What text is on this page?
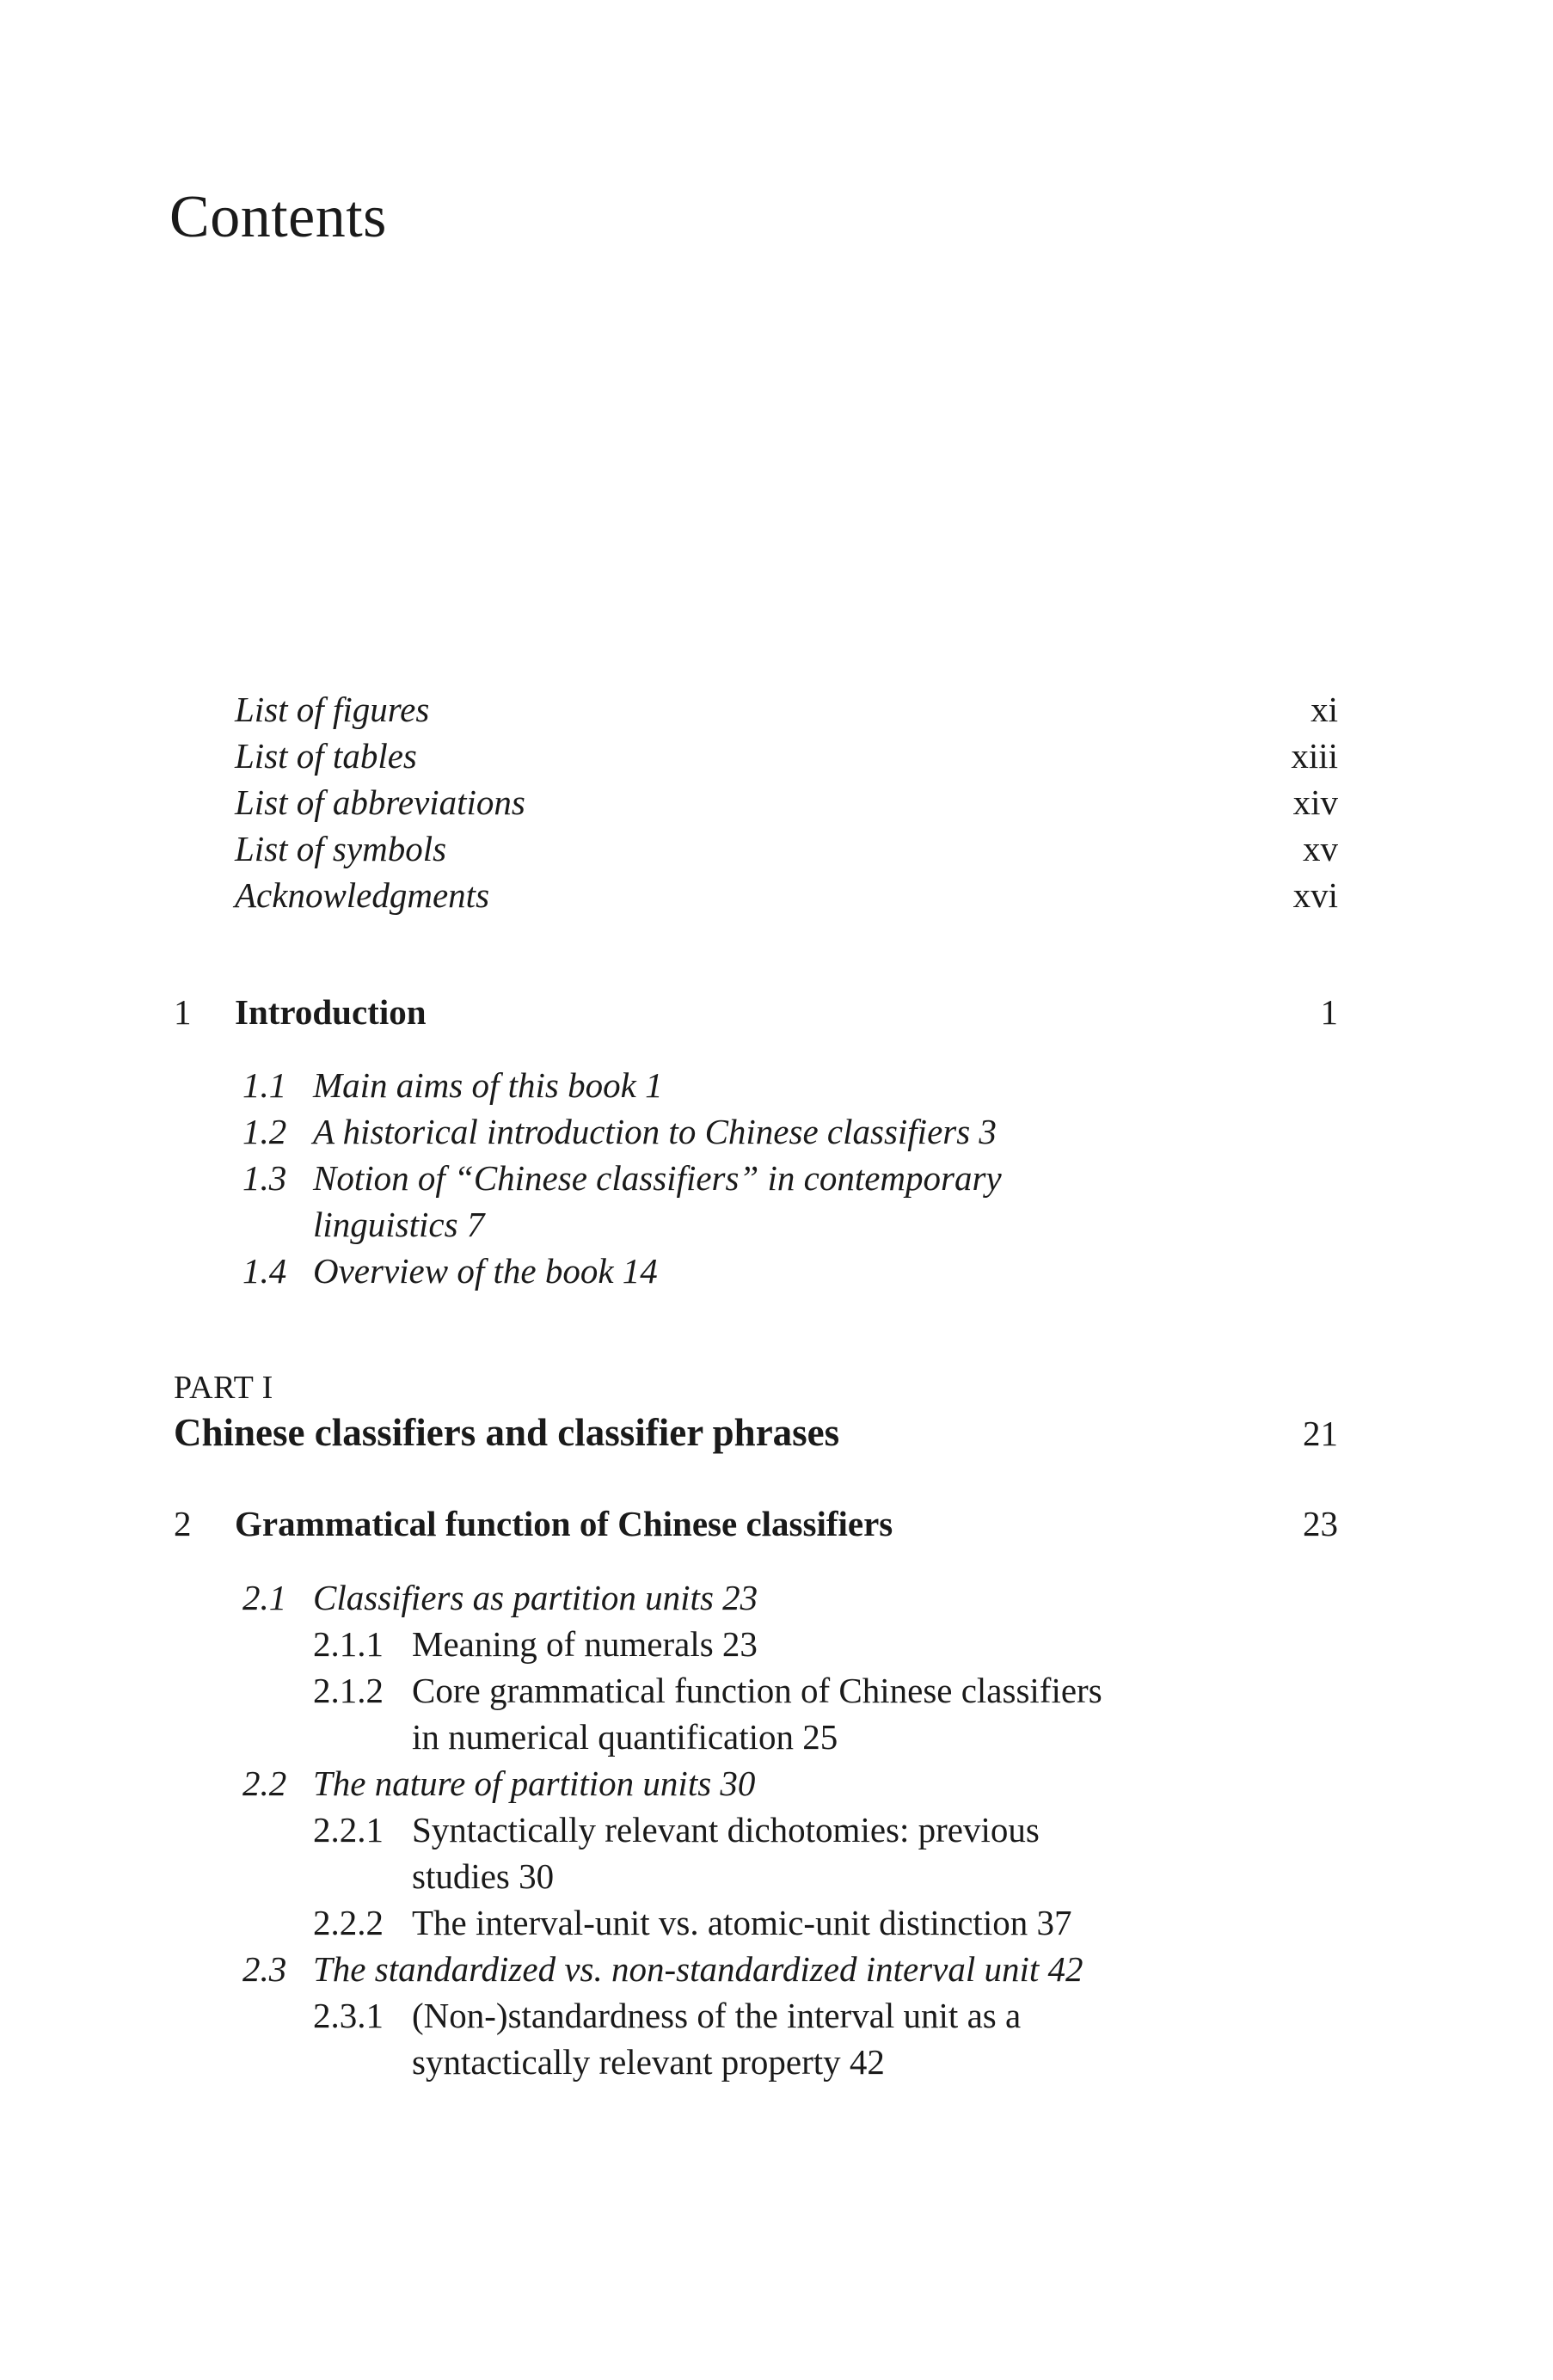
Contents
List of figures	xi
List of tables	xiii
List of abbreviations	xiv
List of symbols	xv
Acknowledgments	xvi
1 Introduction	1
1.1 Main aims of this book 1
1.2 A historical introduction to Chinese classifiers 3
1.3 Notion of “Chinese classifiers” in contemporary
linguistics 7
1.4 Overview of the book 14
PART I
Chinese classifiers and classifier phrases	21
2 Grammatical function of Chinese classifiers	23
2.1 Classifiers as partition units 23
2.1.1 Meaning of numerals 23
2.1.2 Core grammatical function of Chinese classifiers
in numerical quantification 25
2.2 The nature of partition units 30
2.2.1 Syntactically relevant dichotomies: previous
studies 30
2.2.2 The interval-unit vs. atomic-unit distinction 37
2.3 The standardized vs. non-standardized interval unit 42
2.3.1 (Non-)standardness of the interval unit as a
syntactically relevant property 42
